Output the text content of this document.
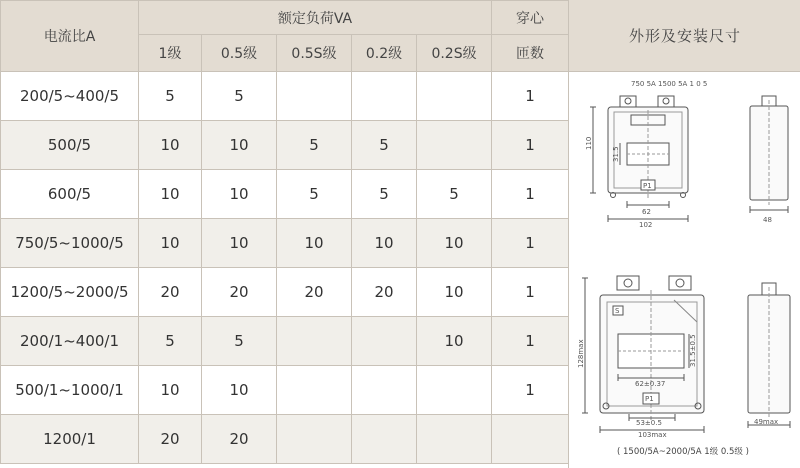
电流比A	额定负荷VA					穿心
	1级	0.5级	0.5S级	0.2级	0.2S级	匝数
200/5~400/5	5	5				1
500/5	10	10	5	5		1
600/5	10	10	5	5	5	1
750/5~1000/5	10	10	10	10	10	1
1200/5~2000/5	20	20	20	20	10	1
200/1~400/1	5	5			10	1
500/1~1000/1	10	10				1
1200/1	20	20				
外形及安装尺寸
750 5A 1500 5A 1 0 5
P1
110
31.5
62
102
48
S
62±0.37
31.5±0.5
P1
128max
53±0.5
103max
49max
( 1500/5A~2000/5A 1级 0.5级 )
